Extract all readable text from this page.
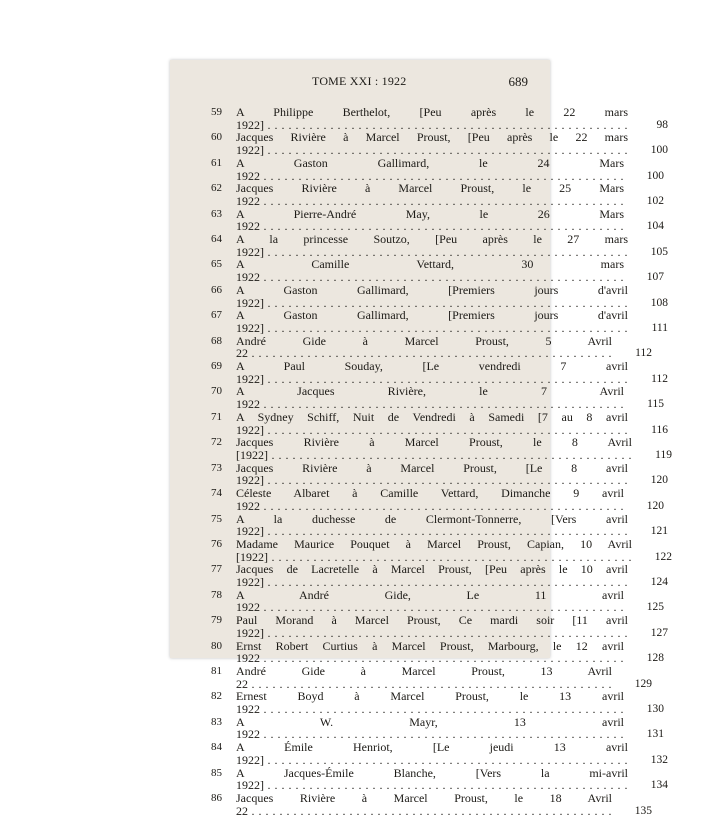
TOME XXI : 1922	689
59	A Philippe Berthelot, [Peu après le 22 mars 1922] . . .	98
60	Jacques Rivière à Marcel Proust, [Peu après le 22 mars 1922] . . .	100
61	A Gaston Gallimard, le 24 Mars 1922 . . .	100
62	Jacques Rivière à Marcel Proust, le 25 Mars 1922 . . .	102
63	A Pierre-André May, le 26 Mars 1922 . . .	104
64	A la princesse Soutzo, [Peu après le 27 mars 1922] . . .	105
65	A Camille Vettard, 30 mars 1922 . . .	107
66	A Gaston Gallimard, [Premiers jours d'avril 1922] . . .	108
67	A Gaston Gallimard, [Premiers jours d'avril 1922] . . .	111
68	André Gide à Marcel Proust, 5 Avril 22 . . .	112
69	A Paul Souday, [Le vendredi 7 avril 1922] . . .	112
70	A Jacques Rivière, le 7 Avril 1922 . . .	115
71	A Sydney Schiff, Nuit de Vendredi à Samedi [7 au 8 avril 1922] . . .	116
72	Jacques Rivière à Marcel Proust, le 8 Avril [1922] . . .	119
73	Jacques Rivière à Marcel Proust, [Le 8 avril 1922] . . .	120
74	Céleste Albaret à Camille Vettard, Dimanche 9 avril 1922 . . .	120
75	A la duchesse de Clermont-Tonnerre, [Vers avril 1922] . . .	121
76	Madame Maurice Pouquet à Marcel Proust, Capian, 10 Avril [1922] . . .	122
77	Jacques de Lacretelle à Marcel Proust, [Peu après le 10 avril 1922] . . .	124
78	A André Gide, Le 11 avril 1922 . . .	125
79	Paul Morand à Marcel Proust, Ce mardi soir [11 avril 1922] . . .	127
80	Ernst Robert Curtius à Marcel Proust, Marbourg, le 12 avril 1922 . . .	128
81	André Gide à Marcel Proust, 13 Avril 22 . . .	129
82	Ernest Boyd à Marcel Proust, le 13 avril 1922 . . .	130
83	A W. Mayr, 13 avril 1922 . . .	131
84	A Émile Henriot, [Le jeudi 13 avril 1922] . . .	132
85	A Jacques-Émile Blanche, [Vers la mi-avril 1922] . . .	134
86	Jacques Rivière à Marcel Proust, le 18 Avril 22 . . .	135
